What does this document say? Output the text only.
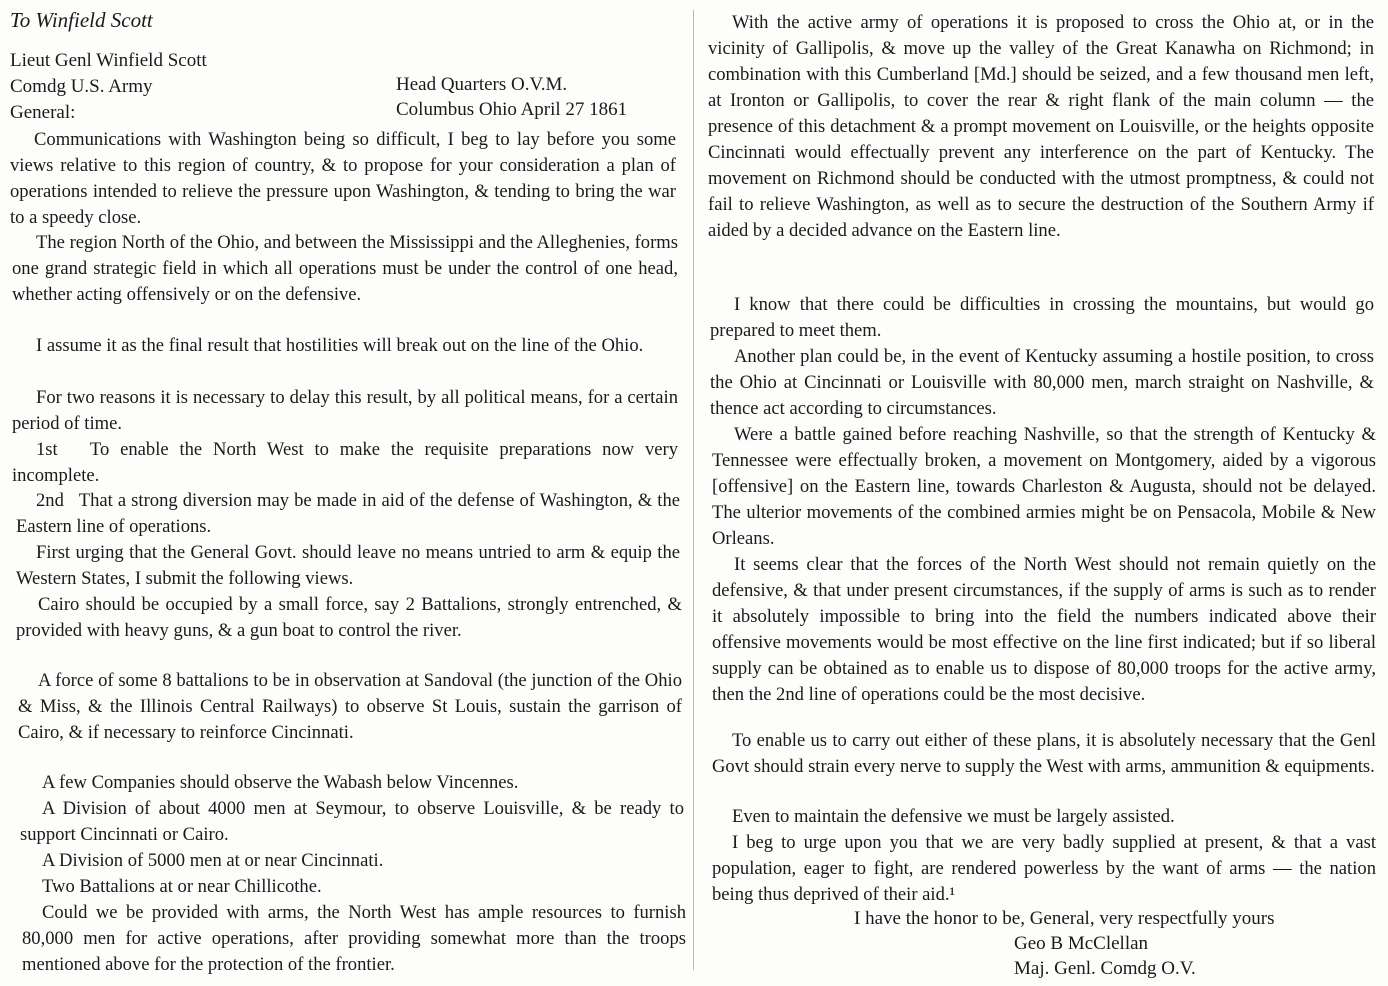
To Winfield Scott
Lieut Genl Winfield Scott
Comdg U.S. Army
General:
Head Quarters O.V.M.
Columbus Ohio April 27 1861
Communications with Washington being so difficult, I beg to lay before you some views relative to this region of country, & to propose for your consideration a plan of operations intended to relieve the pressure upon Washington, & tending to bring the war to a speedy close.
The region North of the Ohio, and between the Mississippi and the Alleghenies, forms one grand strategic field in which all operations must be under the control of one head, whether acting offensively or on the defensive.
I assume it as the final result that hostilities will break out on the line of the Ohio.
For two reasons it is necessary to delay this result, by all political means, for a certain period of time.
1st   To enable the North West to make the requisite preparations now very incomplete.
2nd   That a strong diversion may be made in aid of the defense of Washington, & the Eastern line of operations.
First urging that the General Govt. should leave no means untried to arm & equip the Western States, I submit the following views.
Cairo should be occupied by a small force, say 2 Battalions, strongly entrenched, & provided with heavy guns, & a gun boat to control the river.
A force of some 8 battalions to be in observation at Sandoval (the junction of the Ohio & Miss, & the Illinois Central Railways) to observe St Louis, sustain the garrison of Cairo, & if necessary to reinforce Cincinnati.
A few Companies should observe the Wabash below Vincennes.
A Division of about 4000 men at Seymour, to observe Louisville, & be ready to support Cincinnati or Cairo.
A Division of 5000 men at or near Cincinnati.
Two Battalions at or near Chillicothe.
Could we be provided with arms, the North West has ample resources to furnish 80,000 men for active operations, after providing somewhat more than the troops mentioned above for the protection of the frontier.
With the active army of operations it is proposed to cross the Ohio at, or in the vicinity of Gallipolis, & move up the valley of the Great Kanawha on Richmond; in combination with this Cumberland [Md.] should be seized, and a few thousand men left, at Ironton or Gallipolis, to cover the rear & right flank of the main column — the presence of this detachment & a prompt movement on Louisville, or the heights opposite Cincinnati would effectually prevent any interference on the part of Kentucky. The movement on Richmond should be conducted with the utmost promptness, & could not fail to relieve Washington, as well as to secure the destruction of the Southern Army if aided by a decided advance on the Eastern line.
I know that there could be difficulties in crossing the mountains, but would go prepared to meet them.
Another plan could be, in the event of Kentucky assuming a hostile position, to cross the Ohio at Cincinnati or Louisville with 80,000 men, march straight on Nashville, & thence act according to circumstances.
Were a battle gained before reaching Nashville, so that the strength of Kentucky & Tennessee were effectually broken, a movement on Montgomery, aided by a vigorous [offensive] on the Eastern line, towards Charleston & Augusta, should not be delayed. The ulterior movements of the combined armies might be on Pensacola, Mobile & New Orleans.
It seems clear that the forces of the North West should not remain quietly on the defensive, & that under present circumstances, if the supply of arms is such as to render it absolutely impossible to bring into the field the numbers indicated above their offensive movements would be most effective on the line first indicated; but if so liberal supply can be obtained as to enable us to dispose of 80,000 troops for the active army, then the 2nd line of operations could be the most decisive.
To enable us to carry out either of these plans, it is absolutely necessary that the Genl Govt should strain every nerve to supply the West with arms, ammunition & equipments.
Even to maintain the defensive we must be largely assisted.
I beg to urge upon you that we are very badly supplied at present, & that a vast population, eager to fight, are rendered powerless by the want of arms — the nation being thus deprived of their aid.¹
I have the honor to be, General, very respectfully yours
Geo B McClellan
Maj. Genl. Comdg O.V.
